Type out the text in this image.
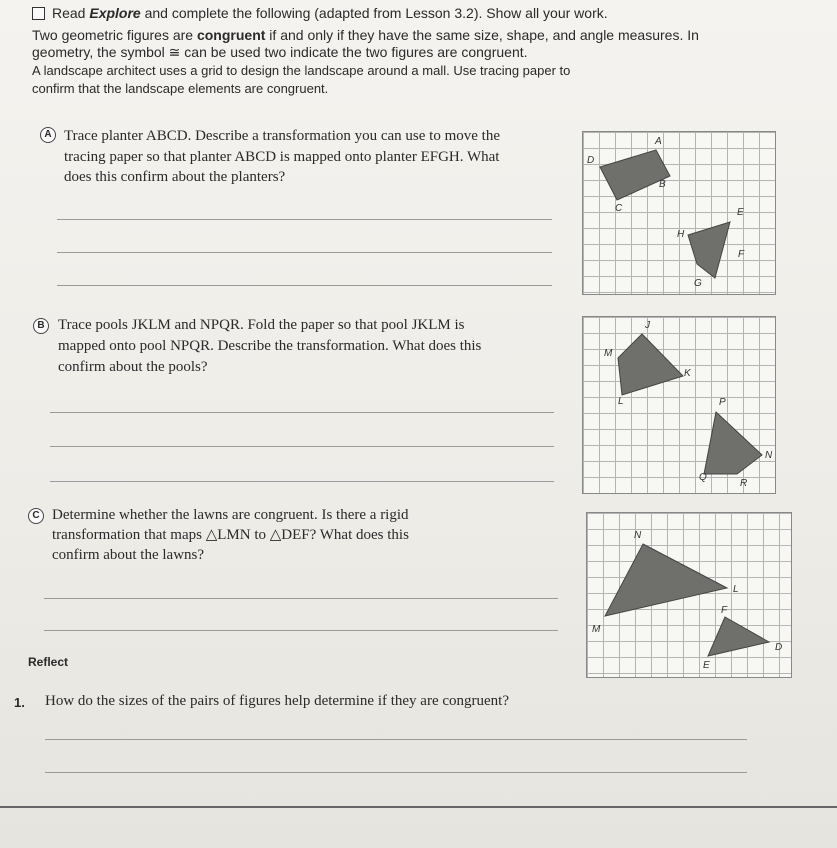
Read Explore and complete the following (adapted from Lesson 3.2). Show all your work.
Two geometric figures are congruent if and only if they have the same size, shape, and angle measures. In
geometry, the symbol ≅ can be used two indicate the two figures are congruent.
A landscape architect uses a grid to design the landscape around a mall. Use tracing paper to
confirm that the landscape elements are congruent.
A Trace planter ABCD. Describe a transformation you can use to move the
tracing paper so that planter ABCD is mapped onto planter EFGH. What
does this confirm about the planters?
B Trace pools JKLM and NPQR. Fold the paper so that pool JKLM is
mapped onto pool NPQR. Describe the transformation. What does this
confirm about the pools?
C Determine whether the lawns are congruent. Is there a rigid
transformation that maps △LMN to △DEF? What does this
confirm about the lawns?
Reflect
1. How do the sizes of the pairs of figures help determine if they are congruent?
A
B
C
D
E
F
G
H
J
K
L
M
N
P
Q
R
N
M
L
F
E
D
